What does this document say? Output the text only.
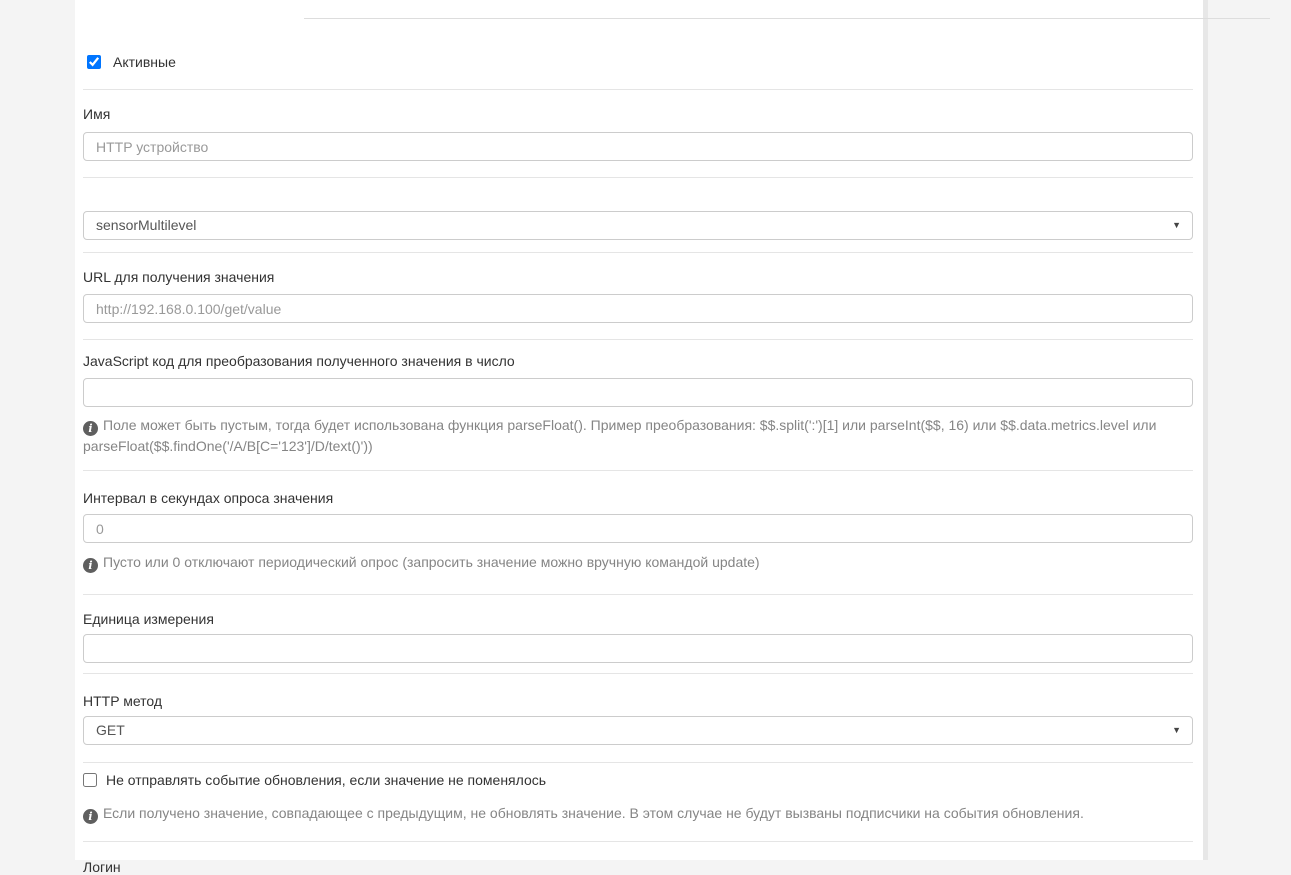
Активные
Имя
HTTP устройство
sensorMultilevel	▼
URL для получения значения
http://192.168.0.100/get/value
JavaScript код для преобразования полученного значения в число
i Поле может быть пустым, тогда будет использована функция parseFloat(). Пример преобразования: $$.split(':')[1] или parseInt($$, 16) или $$.data.metrics.level или parseFloat($$.findOne('/A/B[C='123']/D/text()'))
Интервал в секундах опроса значения
0
i Пусто или 0 отключают периодический опрос (запросить значение можно вручную командой update)
Единица измерения
HTTP метод
GET	▼
Не отправлять событие обновления, если значение не поменялось
i Если получено значение, совпадающее с предыдущим, не обновлять значение. В этом случае не будут вызваны подписчики на события обновления.
Логин
